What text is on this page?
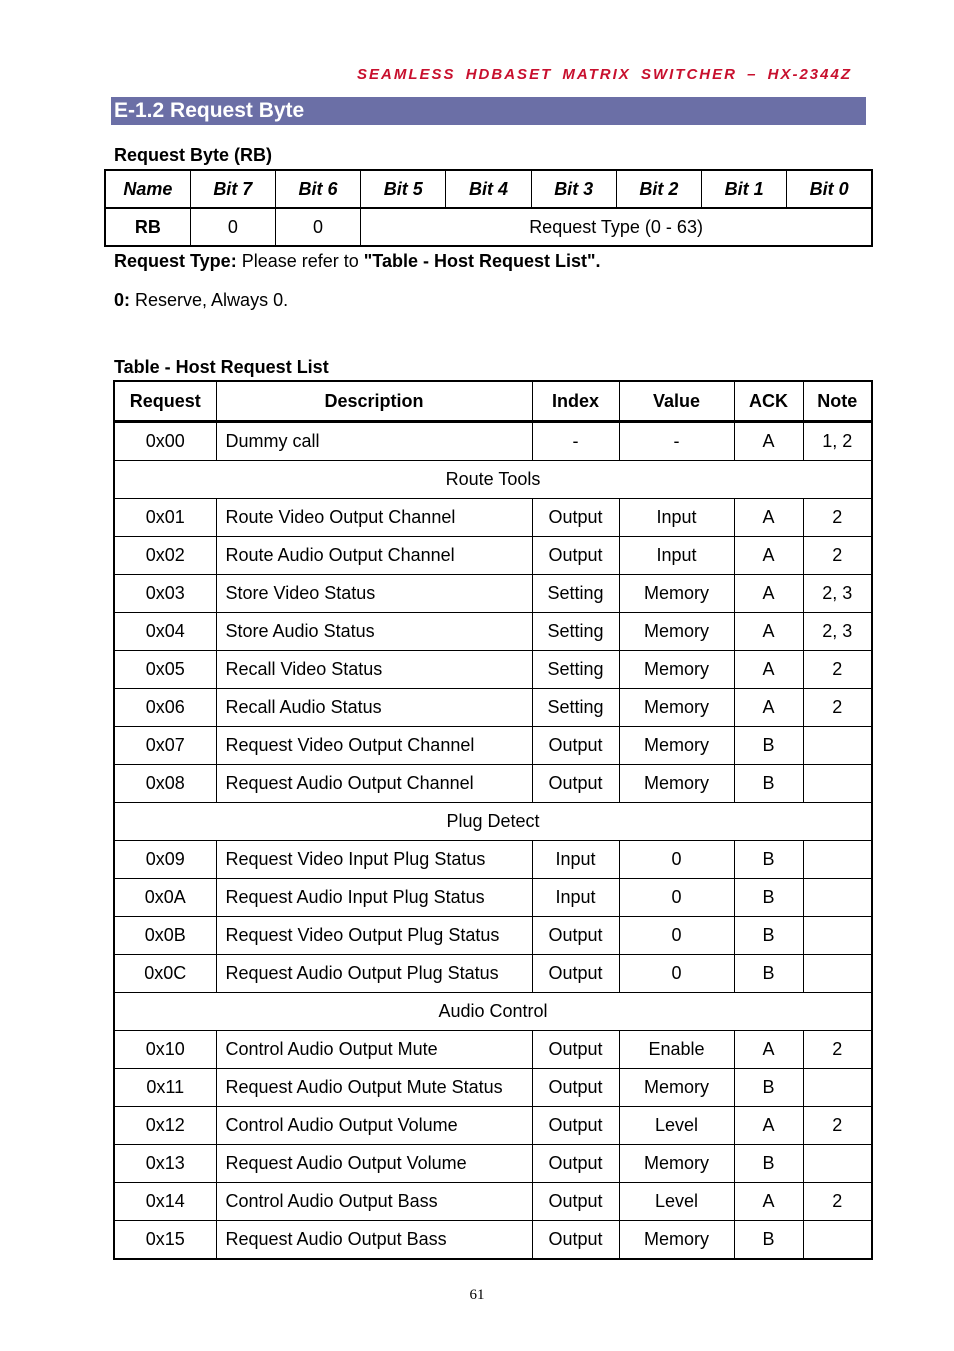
SEAMLESS HDBASET MATRIX SWITCHER – HX-2344Z
E-1.2 Request Byte
Request Byte (RB)
Name	Bit 7	Bit 6	Bit 5	Bit 4	Bit 3	Bit 2	Bit 1	Bit 0
RB	0	0	Request Type (0 - 63)					
Request Type: Please refer to "Table - Host Request List".
0: Reserve, Always 0.
Table - Host Request List
Request	Description	Index	Value	ACK	Note
0x00	Dummy call	-	-	A	1, 2
Route Tools					
0x01	Route Video Output Channel	Output	Input	A	2
0x02	Route Audio Output Channel	Output	Input	A	2
0x03	Store Video Status	Setting	Memory	A	2, 3
0x04	Store Audio Status	Setting	Memory	A	2, 3
0x05	Recall Video Status	Setting	Memory	A	2
0x06	Recall Audio Status	Setting	Memory	A	2
0x07	Request Video Output Channel	Output	Memory	B	
0x08	Request Audio Output Channel	Output	Memory	B	
Plug Detect					
0x09	Request Video Input Plug Status	Input	0	B	
0x0A	Request Audio Input Plug Status	Input	0	B	
0x0B	Request Video Output Plug Status	Output	0	B	
0x0C	Request Audio Output Plug Status	Output	0	B	
Audio Control					
0x10	Control Audio Output Mute	Output	Enable	A	2
0x11	Request Audio Output Mute Status	Output	Memory	B	
0x12	Control Audio Output Volume	Output	Level	A	2
0x13	Request Audio Output Volume	Output	Memory	B	
0x14	Control Audio Output Bass	Output	Level	A	2
0x15	Request Audio Output Bass	Output	Memory	B	
61
